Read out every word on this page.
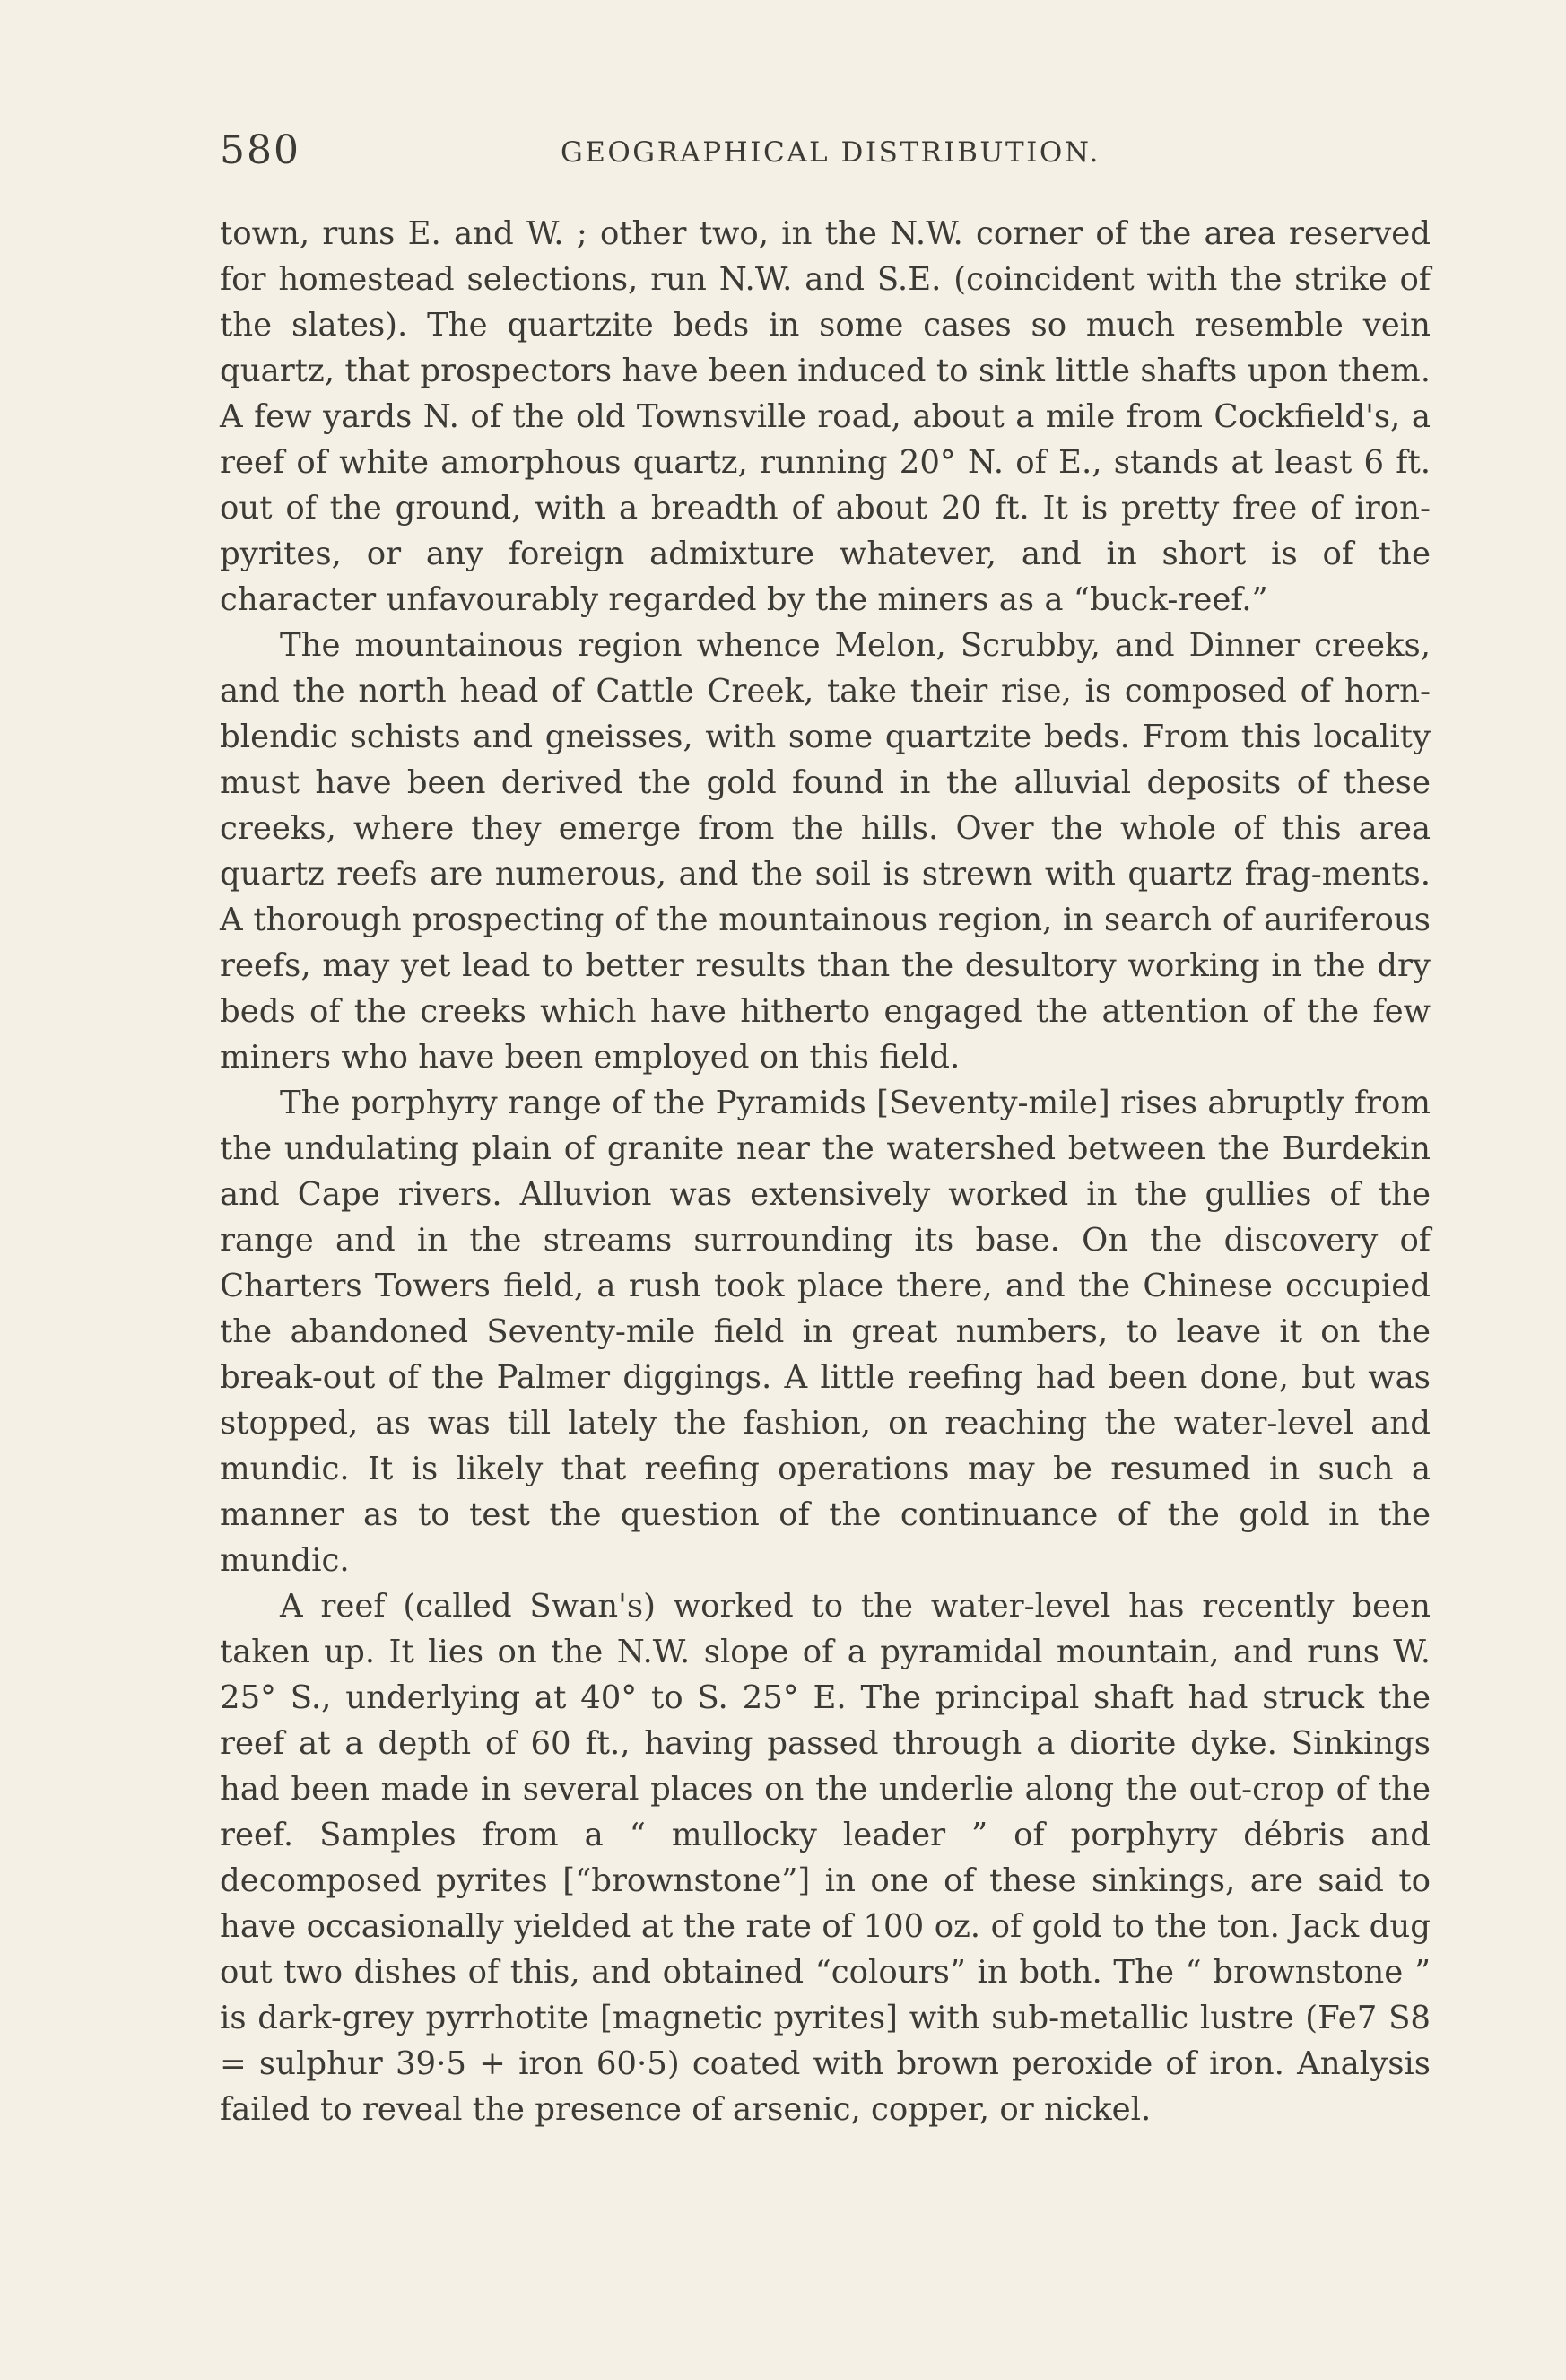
580	GEOGRAPHICAL DISTRIBUTION.

town, runs E. and W. ; other two, in the N.W. corner of the area reserved for homestead selections, run N.W. and S.E. (coincident with the strike of the slates). The quartzite beds in some cases so much resemble vein quartz, that prospectors have been induced to sink little shafts upon them. A few yards N. of the old Townsville road, about a mile from Cockfield's, a reef of white amorphous quartz, running 20° N. of E., stands at least 6 ft. out of the ground, with a breadth of about 20 ft. It is pretty free of iron-pyrites, or any foreign admixture whatever, and in short is of the character unfavourably regarded by the miners as a “buck-reef.”

The mountainous region whence Melon, Scrubby, and Dinner creeks, and the north head of Cattle Creek, take their rise, is composed of horn-blendic schists and gneisses, with some quartzite beds. From this locality must have been derived the gold found in the alluvial deposits of these creeks, where they emerge from the hills. Over the whole of this area quartz reefs are numerous, and the soil is strewn with quartz frag-ments. A thorough prospecting of the mountainous region, in search of auriferous reefs, may yet lead to better results than the desultory working in the dry beds of the creeks which have hitherto engaged the attention of the few miners who have been employed on this field.

The porphyry range of the Pyramids [Seventy-mile] rises abruptly from the undulating plain of granite near the watershed between the Burdekin and Cape rivers. Alluvion was extensively worked in the gullies of the range and in the streams surrounding its base. On the discovery of Charters Towers field, a rush took place there, and the Chinese occupied the abandoned Seventy-mile field in great numbers, to leave it on the break-out of the Palmer diggings. A little reefing had been done, but was stopped, as was till lately the fashion, on reaching the water-level and mundic. It is likely that reefing operations may be resumed in such a manner as to test the question of the continuance of the gold in the mundic.

A reef (called Swan's) worked to the water-level has recently been taken up. It lies on the N.W. slope of a pyramidal mountain, and runs W. 25° S., underlying at 40° to S. 25° E. The principal shaft had struck the reef at a depth of 60 ft., having passed through a diorite dyke. Sinkings had been made in several places on the underlie along the out-crop of the reef. Samples from a “ mullocky leader ” of porphyry débris and decomposed pyrites [“brownstone”] in one of these sinkings, are said to have occasionally yielded at the rate of 100 oz. of gold to the ton. Jack dug out two dishes of this, and obtained “colours” in both. The “ brownstone ” is dark-grey pyrrhotite [magnetic pyrites] with sub-metallic lustre (Fe7 S8 = sulphur 39·5 + iron 60·5) coated with brown peroxide of iron. Analysis failed to reveal the presence of arsenic, copper, or nickel.
